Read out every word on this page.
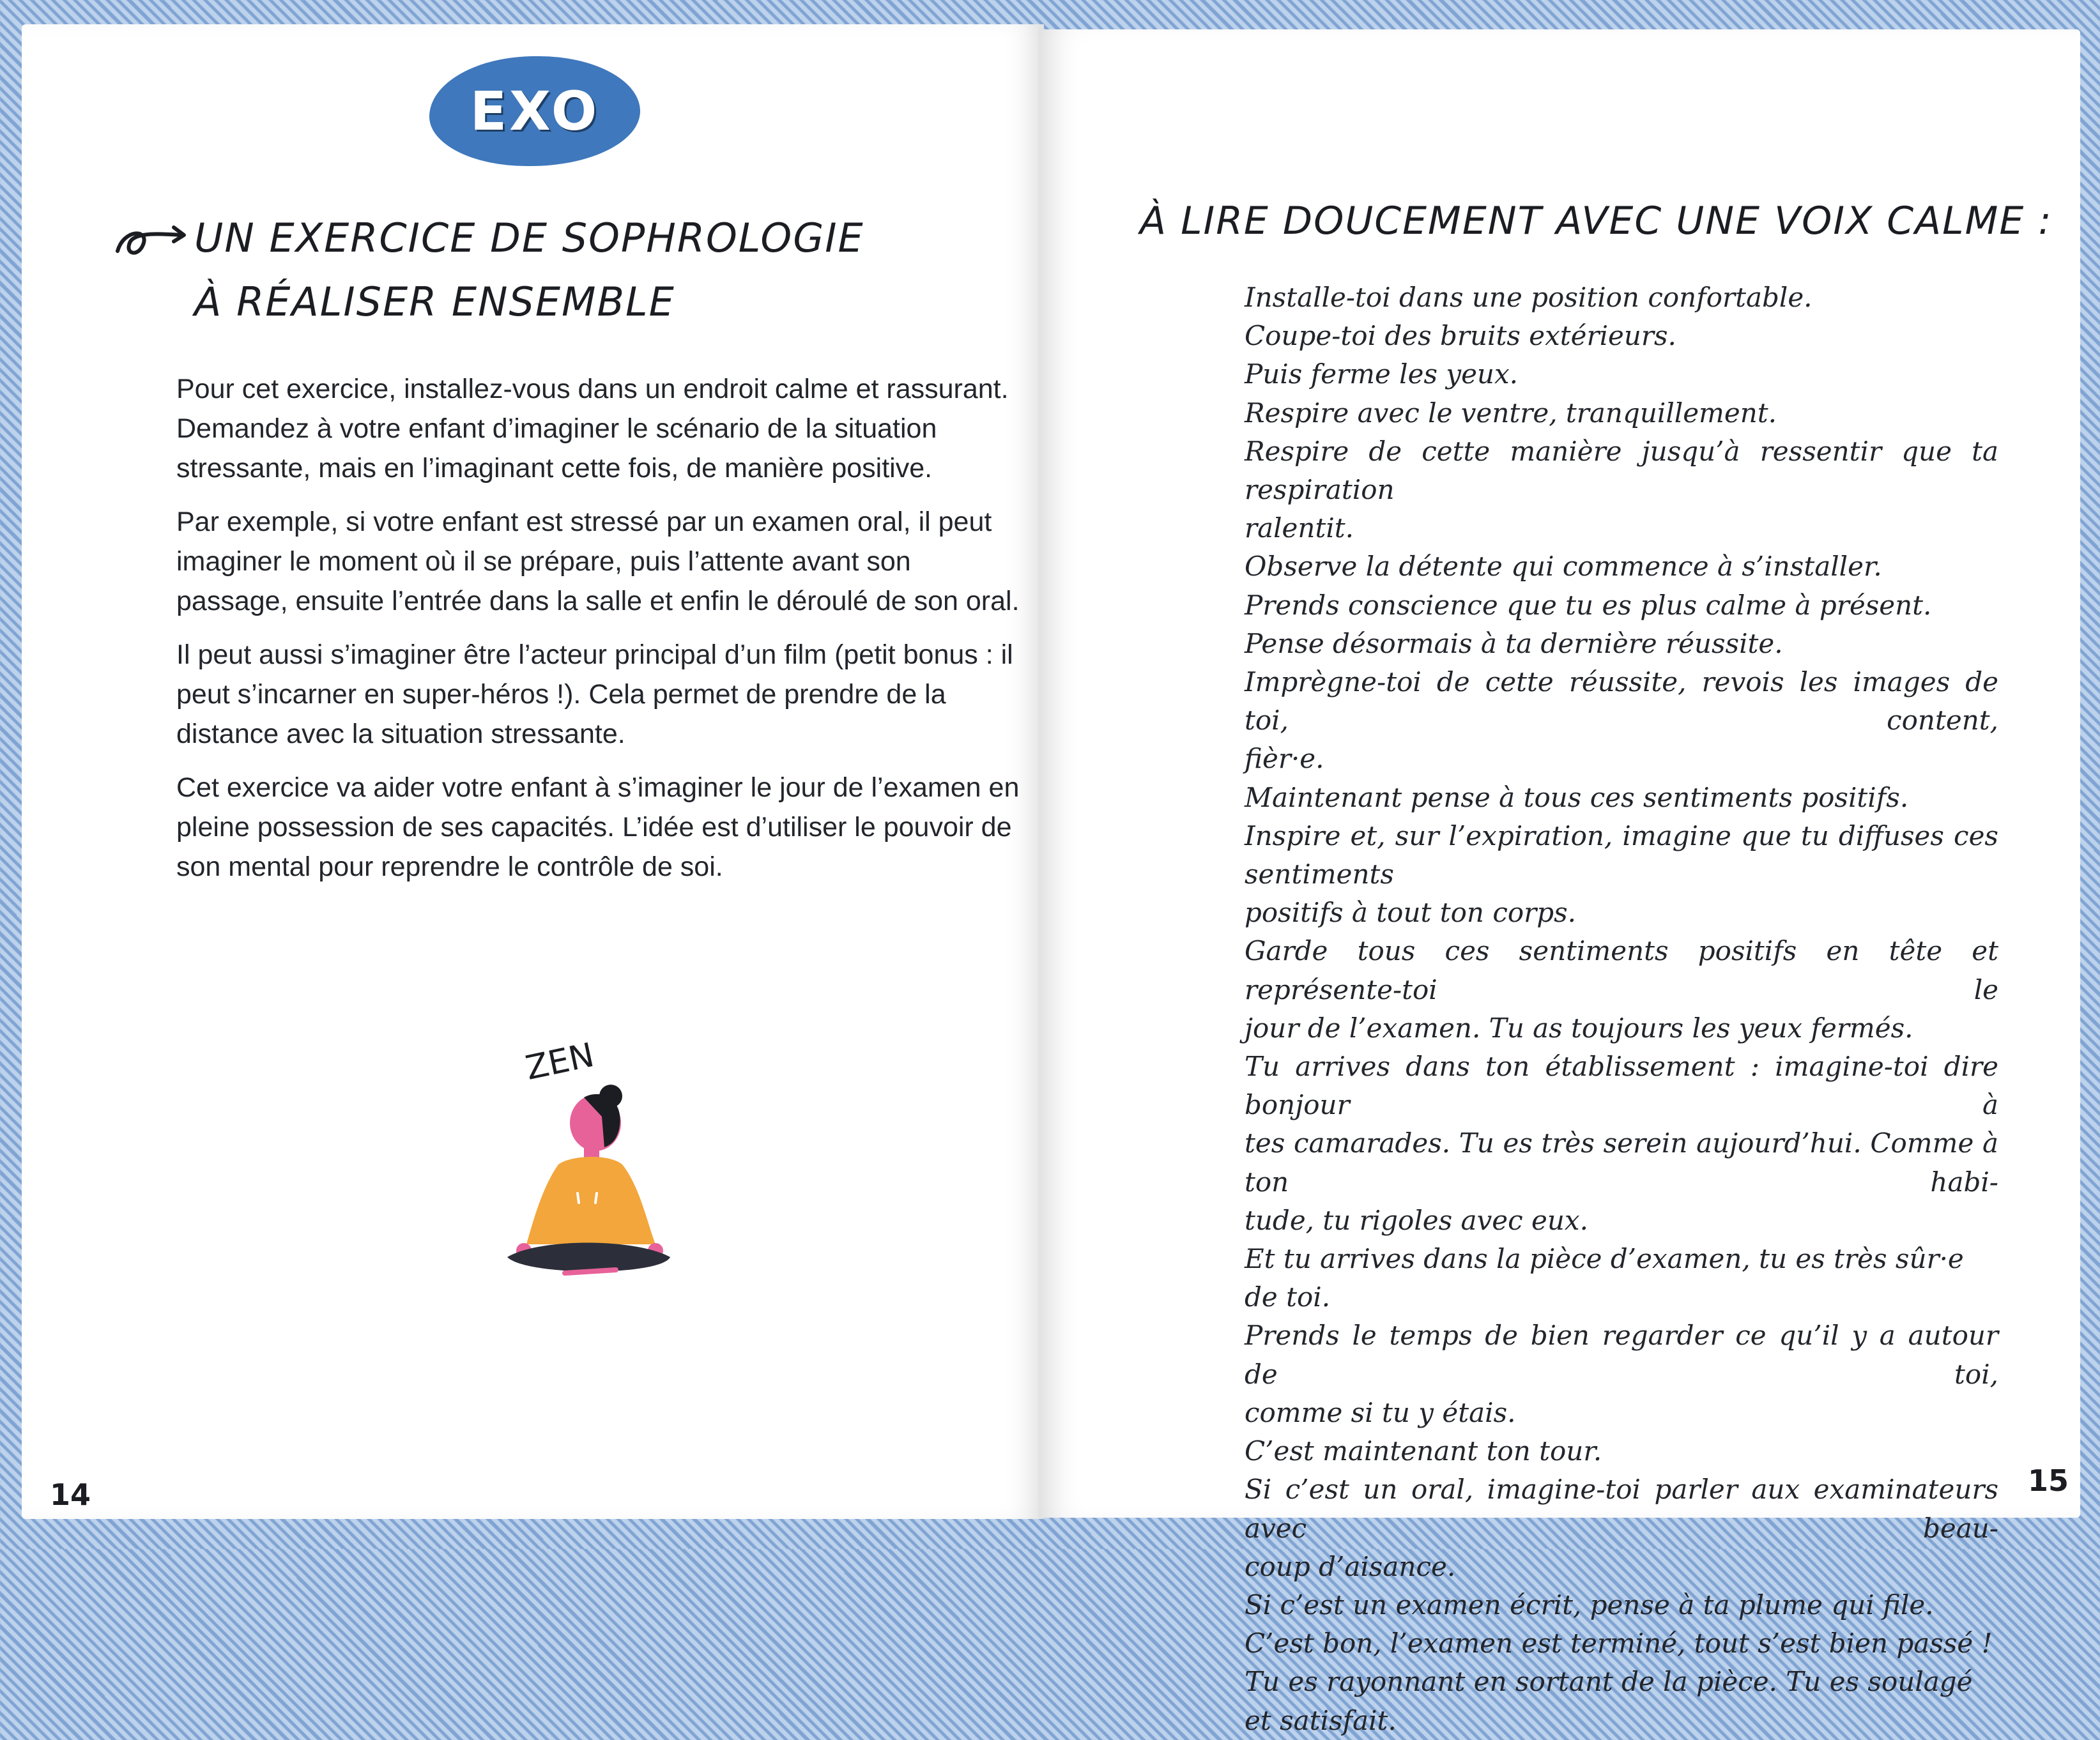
EXO
UN EXERCICE DE SOPHROLOGIE
À RÉALISER ENSEMBLE

Pour cet exercice, installez-vous dans un endroit calme et rassurant. Demandez à votre enfant d’imaginer le scénario de la situation stressante, mais en l’imaginant cette fois, de manière positive.

Par exemple, si votre enfant est stressé par un examen oral, il peut imaginer le moment où il se prépare, puis l’attente avant son passage, ensuite l’entrée dans la salle et enfin le déroulé de son oral.

Il peut aussi s’imaginer être l’acteur principal d’un film (petit bonus : il peut s’incarner en super-héros !). Cela permet de prendre de la distance avec la situation stressante.

Cet exercice va aider votre enfant à s’imaginer le jour de l’examen en pleine possession de ses capacités. L’idée est d’utiliser le pouvoir de son mental pour reprendre le contrôle de soi.

ZEN
14
À LIRE DOUCEMENT AVEC UNE VOIX CALME :
Installe-toi dans une position confortable.
Coupe-toi des bruits extérieurs.
Puis ferme les yeux.
Respire avec le ventre, tranquillement.
Respire de cette manière jusqu’à ressentir que ta respiration
ralentit.
Observe la détente qui commence à s’installer.
Prends conscience que tu es plus calme à présent.
Pense désormais à ta dernière réussite.
Imprègne-toi de cette réussite, revois les images de toi, content,
fièr·e.
Maintenant pense à tous ces sentiments positifs.
Inspire et, sur l’expiration, imagine que tu diffuses ces sentiments
positifs à tout ton corps.
Garde tous ces sentiments positifs en tête et représente-toi le
jour de l’examen. Tu as toujours les yeux fermés.
Tu arrives dans ton établissement : imagine-toi dire bonjour à
tes camarades. Tu es très serein aujourd’hui. Comme à ton habi-
tude, tu rigoles avec eux.
Et tu arrives dans la pièce d’examen, tu es très sûr·e de toi.
Prends le temps de bien regarder ce qu’il y a autour de toi,
comme si tu y étais.
C’est maintenant ton tour.
Si c’est un oral, imagine-toi parler aux examinateurs avec beau-
coup d’aisance.
Si c’est un examen écrit, pense à ta plume qui file.
C’est bon, l’examen est terminé, tout s’est bien passé !
Tu es rayonnant en sortant de la pièce. Tu es soulagé et satisfait.
15
